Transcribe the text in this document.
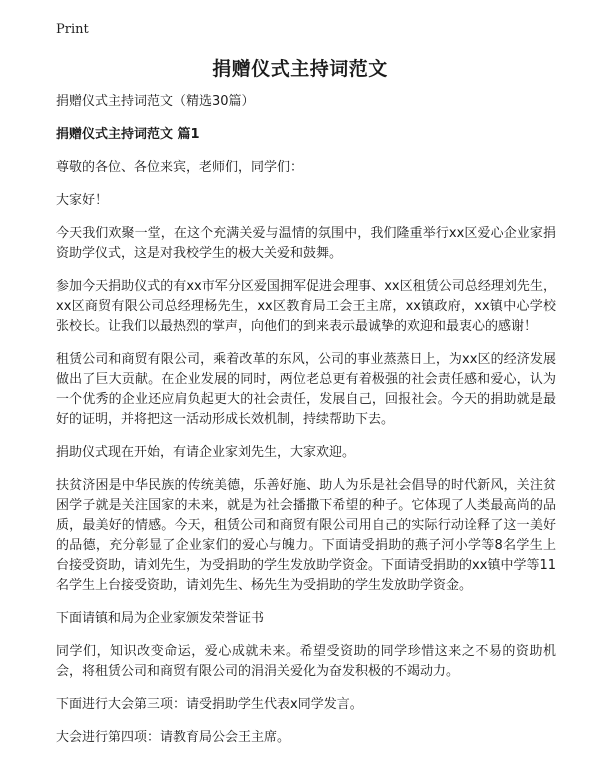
Print
捐赠仪式主持词范文

捐赠仪式主持词范文（精选30篇）

捐赠仪式主持词范文 篇1

尊敬的各位、各位来宾，老师们，同学们：

大家好！

今天我们欢聚一堂，在这个充满关爱与温情的氛围中，我们隆重举行xx区爱心企业家捐资助学仪式，这是对我校学生的极大关爱和鼓舞。

参加今天捐助仪式的有xx市军分区爱国拥军促进会理事、xx区租赁公司总经理刘先生，xx区商贸有限公司总经理杨先生，xx区教育局工会王主席，xx镇政府，xx镇中心学校张校长。让我们以最热烈的掌声，向他们的到来表示最诚挚的欢迎和最衷心的感谢！

租赁公司和商贸有限公司，乘着改革的东风，公司的事业蒸蒸日上，为xx区的经济发展做出了巨大贡献。在企业发展的同时，两位老总更有着极强的社会责任感和爱心，认为一个优秀的企业还应肩负起更大的社会责任，发展自己，回报社会。今天的捐助就是最好的证明，并将把这一活动形成长效机制，持续帮助下去。

捐助仪式现在开始，有请企业家刘先生，大家欢迎。

扶贫济困是中华民族的传统美德，乐善好施、助人为乐是社会倡导的时代新风，关注贫困学子就是关注国家的未来，就是为社会播撒下希望的种子。它体现了人类最高尚的品质，最美好的情感。今天，租赁公司和商贸有限公司用自己的实际行动诠释了这一美好的品德，充分彰显了企业家们的爱心与魄力。下面请受捐助的燕子河小学等8名学生上台接受资助，请刘先生，为受捐助的学生发放助学资金。下面请受捐助的xx镇中学等11名学生上台接受资助，请刘先生、杨先生为受捐助的学生发放助学资金。

下面请镇和局为企业家颁发荣誉证书

同学们，知识改变命运，爱心成就未来。希望受资助的同学珍惜这来之不易的资助机会，将租赁公司和商贸有限公司的涓涓关爱化为奋发积极的不竭动力。

下面进行大会第三项：请受捐助学生代表x同学发言。

大会进行第四项：请教育局公会王主席。
